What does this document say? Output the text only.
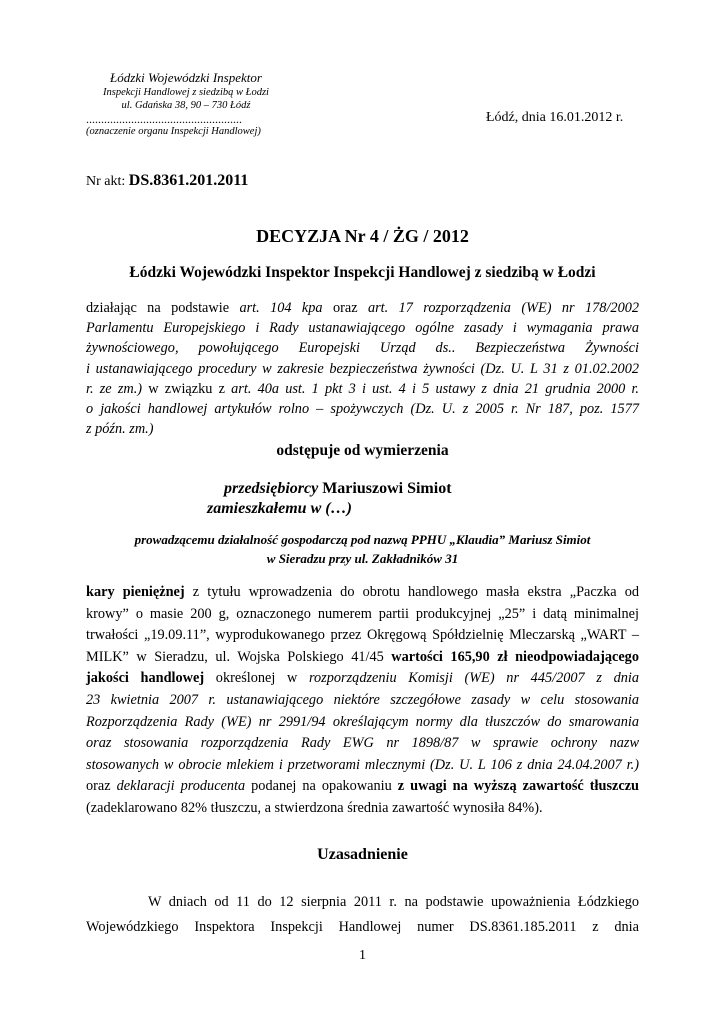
Łódzki Wojewódzki Inspektor
Inspekcji Handlowej z siedzibą w Łodzi
ul. Gdańska 38, 90 – 730 Łódź
....................................................
(oznaczenie organu Inspekcji Handlowej)
Łódź, dnia 16.01.2012 r.
Nr akt: DS.8361.201.2011
DECYZJA Nr 4 / ŻG / 2012
Łódzki Wojewódzki Inspektor Inspekcji Handlowej z siedzibą w Łodzi
działając na podstawie art. 104 kpa oraz art. 17 rozporządzenia (WE) nr 178/2002
Parlamentu Europejskiego i Rady ustanawiającego ogólne zasady i wymagania prawa
żywnościowego, powołującego Europejski Urząd ds.. Bezpieczeństwa Żywności
i ustanawiającego procedury w zakresie bezpieczeństwa żywności (Dz. U. L 31 z 01.02.2002
r. ze zm.) w związku z art. 40a ust. 1 pkt 3 i ust. 4 i 5 ustawy z dnia 21 grudnia 2000 r.
o jakości handlowej artykułów rolno – spożywczych (Dz. U. z 2005 r. Nr 187, poz. 1577
z późn. zm.)
odstępuje od wymierzenia
przedsiębiorcy Mariuszowi Simiot
zamieszkałemu w (…)
prowadzącemu działalność gospodarczą pod nazwą PPHU „Klaudia” Mariusz Simiot
w Sieradzu przy ul. Zakładników 31
kary pieniężnej z tytułu wprowadzenia do obrotu handlowego masła ekstra „Paczka od
krowy” o masie 200 g, oznaczonego numerem partii produkcyjnej „25” i datą minimalnej
trwałości „19.09.11”, wyprodukowanego przez Okręgową Spółdzielnię Mleczarską „WART –
MILK” w Sieradzu, ul. Wojska Polskiego 41/45 wartości 165,90 zł nieodpowiadającego
jakości handlowej określonej w rozporządzeniu Komisji (WE) nr 445/2007 z dnia
23 kwietnia 2007 r. ustanawiającego niektóre szczegółowe zasady w celu stosowania
Rozporządzenia Rady (WE) nr 2991/94 określającym normy dla tłuszczów do smarowania
oraz stosowania rozporządzenia Rady EWG nr 1898/87 w sprawie ochrony nazw
stosowanych w obrocie mlekiem i przetworami mlecznymi (Dz. U. L 106 z dnia 24.04.2007 r.)
oraz deklaracji producenta podanej na opakowaniu z uwagi na wyższą zawartość tłuszczu
(zadeklarowano 82% tłuszczu, a stwierdzona średnia zawartość wynosiła 84%).
Uzasadnienie
W dniach od 11 do 12 sierpnia 2011 r. na podstawie upoważnienia Łódzkiego
Wojewódzkiego Inspektora Inspekcji Handlowej numer DS.8361.185.2011 z dnia
1
